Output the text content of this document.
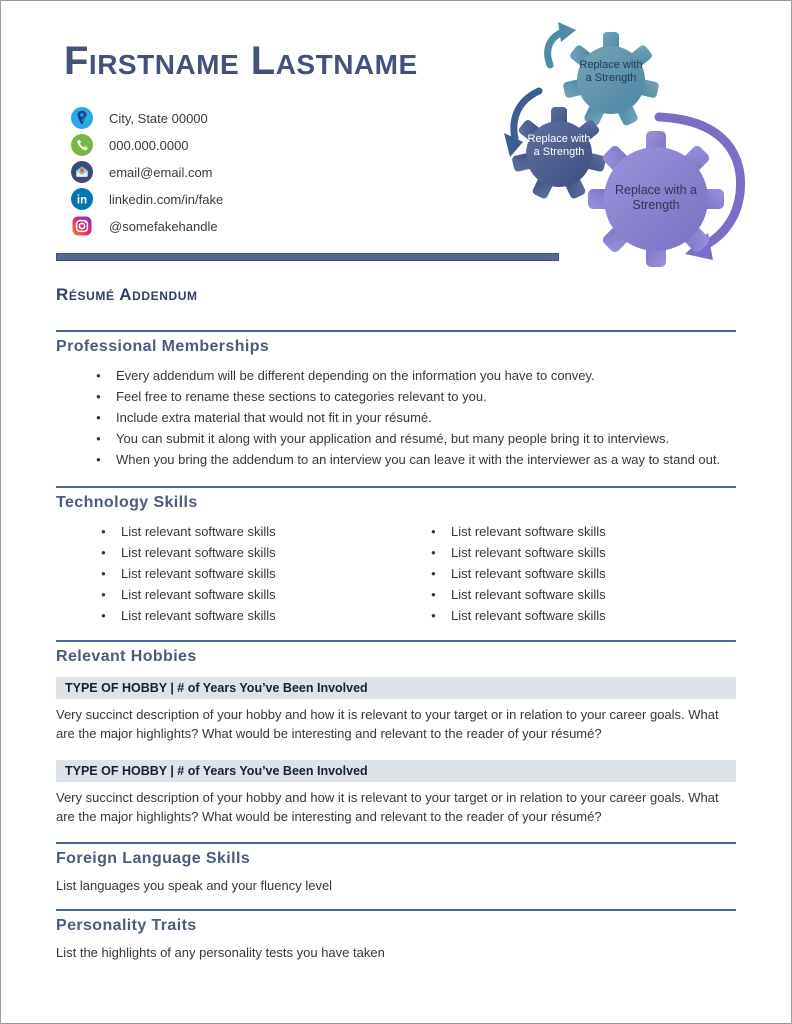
Firstname Lastname
City, State 00000
000.000.0000
email@email.com
in linkedin.com/in/fake
@somefakehandle
Replace with a Strength
Replace with a Strength
Replace with a Strength
Résumé Addendum
Professional Memberships
● Every addendum will be different depending on the information you have to convey.
● Feel free to rename these sections to categories relevant to you.
● Include extra material that would not fit in your résumé.
● You can submit it along with your application and résumé, but many people bring it to interviews.
● When you bring the addendum to an interview you can leave it with the interviewer as a way to stand out.
Technology Skills
● List relevant software skills
● List relevant software skills
● List relevant software skills
● List relevant software skills
● List relevant software skills
● List relevant software skills
● List relevant software skills
● List relevant software skills
● List relevant software skills
● List relevant software skills
Relevant Hobbies
TYPE OF HOBBY | # of Years You’ve Been Involved
Very succinct description of your hobby and how it is relevant to your target or in relation to your career goals. What are the major highlights? What would be interesting and relevant to the reader of your résumé?
TYPE OF HOBBY | # of Years You’ve Been Involved
Very succinct description of your hobby and how it is relevant to your target or in relation to your career goals. What are the major highlights? What would be interesting and relevant to the reader of your résumé?
Foreign Language Skills
List languages you speak and your fluency level
Personality Traits
List the highlights of any personality tests you have taken
